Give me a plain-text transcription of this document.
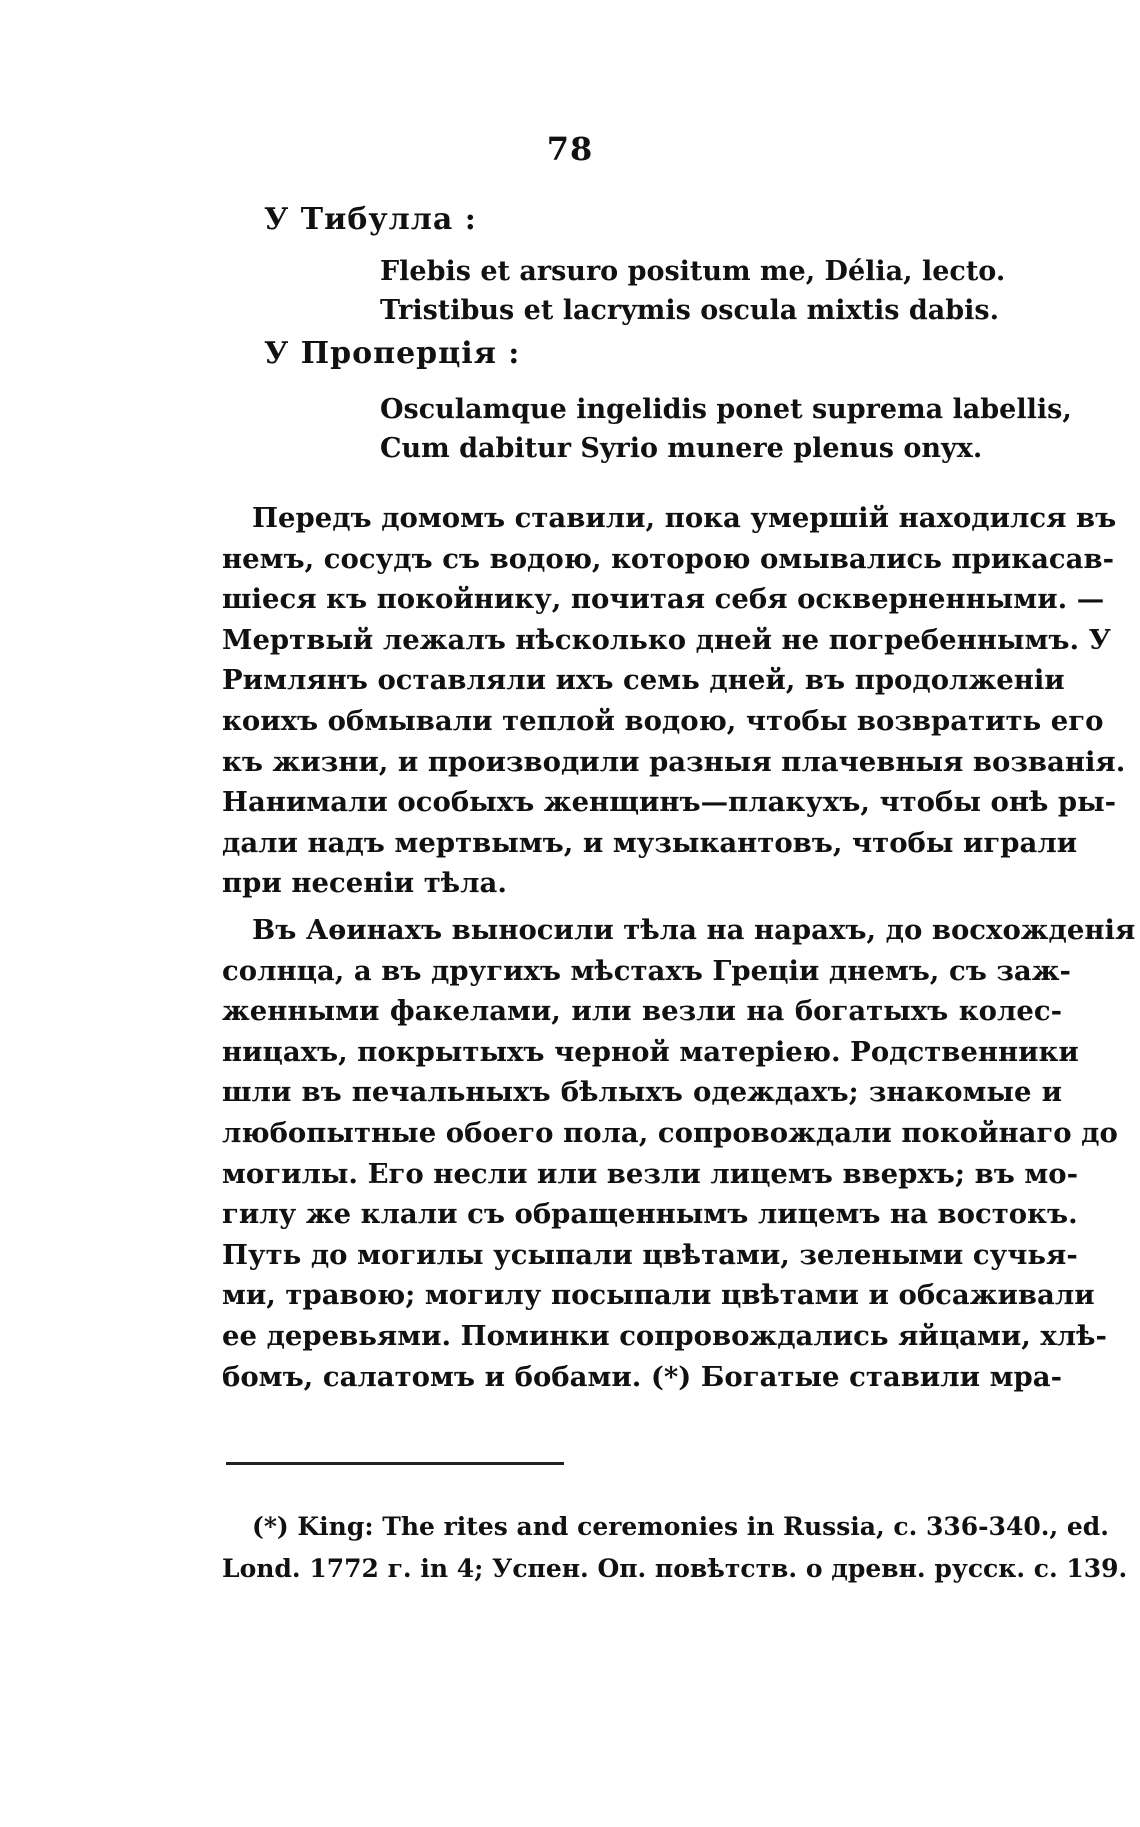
78
У Тибулла :
Flebis et arsuro positum me, Délia, lecto.
Tristibus et lacrymis oscula mixtis dabis.
У Проперція :
Osculamque ingelidis ponet suprema labellis,
Cum dabitur Syrio munere plenus onyx.
Передъ домомъ ставили, пока умершій находился въ
немъ, сосудъ съ водою, которою омывались прикасав-
шіеся къ покойнику, почитая себя оскверненными. —
Мертвый лежалъ нѣсколько дней не погребеннымъ. У
Римлянъ оставляли ихъ семь дней, въ продолженіи
коихъ обмывали теплой водою, чтобы возвратить его
къ жизни, и производили разныя плачевныя возванія.
Нанимали особыхъ женщинъ—плакухъ, чтобы онѣ ры-
дали надъ мертвымъ, и музыкантовъ, чтобы играли
при несеніи тѣла.
Въ Аѳинахъ выносили тѣла на нарахъ, до восхожденія
солнца, а въ другихъ мѣстахъ Греціи днемъ, съ заж-
женными факелами, или везли на богатыхъ колес-
ницахъ, покрытыхъ черной матеріею. Родственники
шли въ печальныхъ бѣлыхъ одеждахъ; знакомые и
любопытные обоего пола, сопровождали покойнаго до
могилы. Его несли или везли лицемъ вверхъ; въ мо-
гилу же клали съ обращеннымъ лицемъ на востокъ.
Путь до могилы усыпали цвѣтами, зелеными сучья-
ми, травою; могилу посыпали цвѣтами и обсаживали
ее деревьями. Поминки сопровождались яйцами, хлѣ-
бомъ, салатомъ и бобами. (*) Богатые ставили мра-
(*) King: The rites and ceremonies in Russia, c. 336-340., ed.
Lond. 1772 г. in 4; Успен. Оп. повѣтств. о древн. русск. с. 139.
